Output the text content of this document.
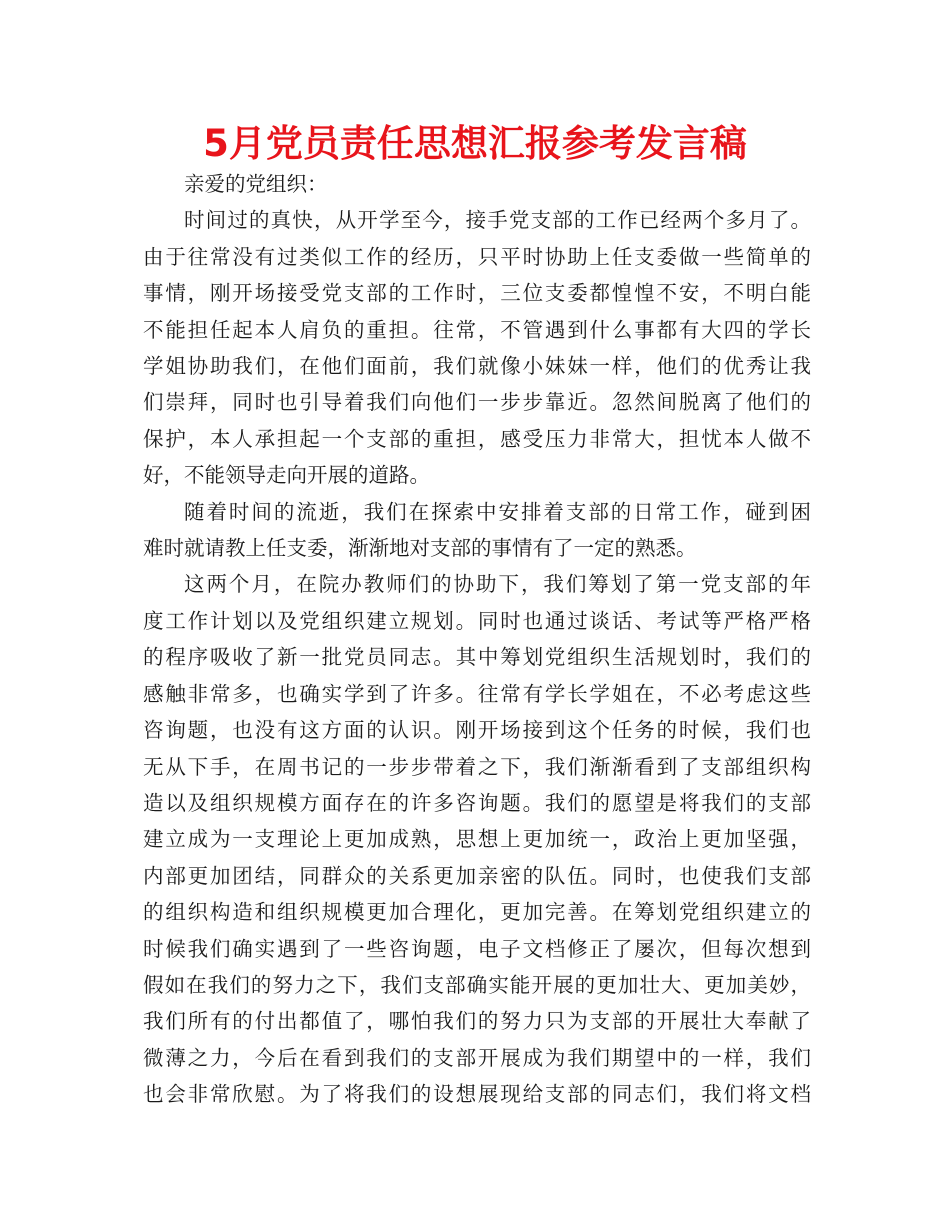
5月党员责任思想汇报参考发言稿

亲爱的党组织：

时间过的真快，从开学至今，接手党支部的工作已经两个多月了。
由于往常没有过类似工作的经历，只平时协助上任支委做一些简单的
事情，刚开场接受党支部的工作时，三位支委都惶惶不安，不明白能
不能担任起本人肩负的重担。往常，不管遇到什么事都有大四的学长
学姐协助我们，在他们面前，我们就像小妹妹一样，他们的优秀让我
们崇拜，同时也引导着我们向他们一步步靠近。忽然间脱离了他们的
保护，本人承担起一个支部的重担，感受压力非常大，担忧本人做不
好，不能领导走向开展的道路。
随着时间的流逝，我们在探索中安排着支部的日常工作，碰到困
难时就请教上任支委，渐渐地对支部的事情有了一定的熟悉。
这两个月，在院办教师们的协助下，我们筹划了第一党支部的年
度工作计划以及党组织建立规划。同时也通过谈话、考试等严格严格
的程序吸收了新一批党员同志。其中筹划党组织生活规划时，我们的
感触非常多，也确实学到了许多。往常有学长学姐在，不必考虑这些
咨询题，也没有这方面的认识。刚开场接到这个任务的时候，我们也
无从下手，在周书记的一步步带着之下，我们渐渐看到了支部组织构
造以及组织规模方面存在的许多咨询题。我们的愿望是将我们的支部
建立成为一支理论上更加成熟，思想上更加统一，政治上更加坚强，
内部更加团结，同群众的关系更加亲密的队伍。同时，也使我们支部
的组织构造和组织规模更加合理化，更加完善。在筹划党组织建立的
时候我们确实遇到了一些咨询题，电子文档修正了屡次，但每次想到
假如在我们的努力之下，我们支部确实能开展的更加壮大、更加美妙，
我们所有的付出都值了，哪怕我们的努力只为支部的开展壮大奉献了
微薄之力，今后在看到我们的支部开展成为我们期望中的一样，我们
也会非常欣慰。为了将我们的设想展现给支部的同志们，我们将文档
